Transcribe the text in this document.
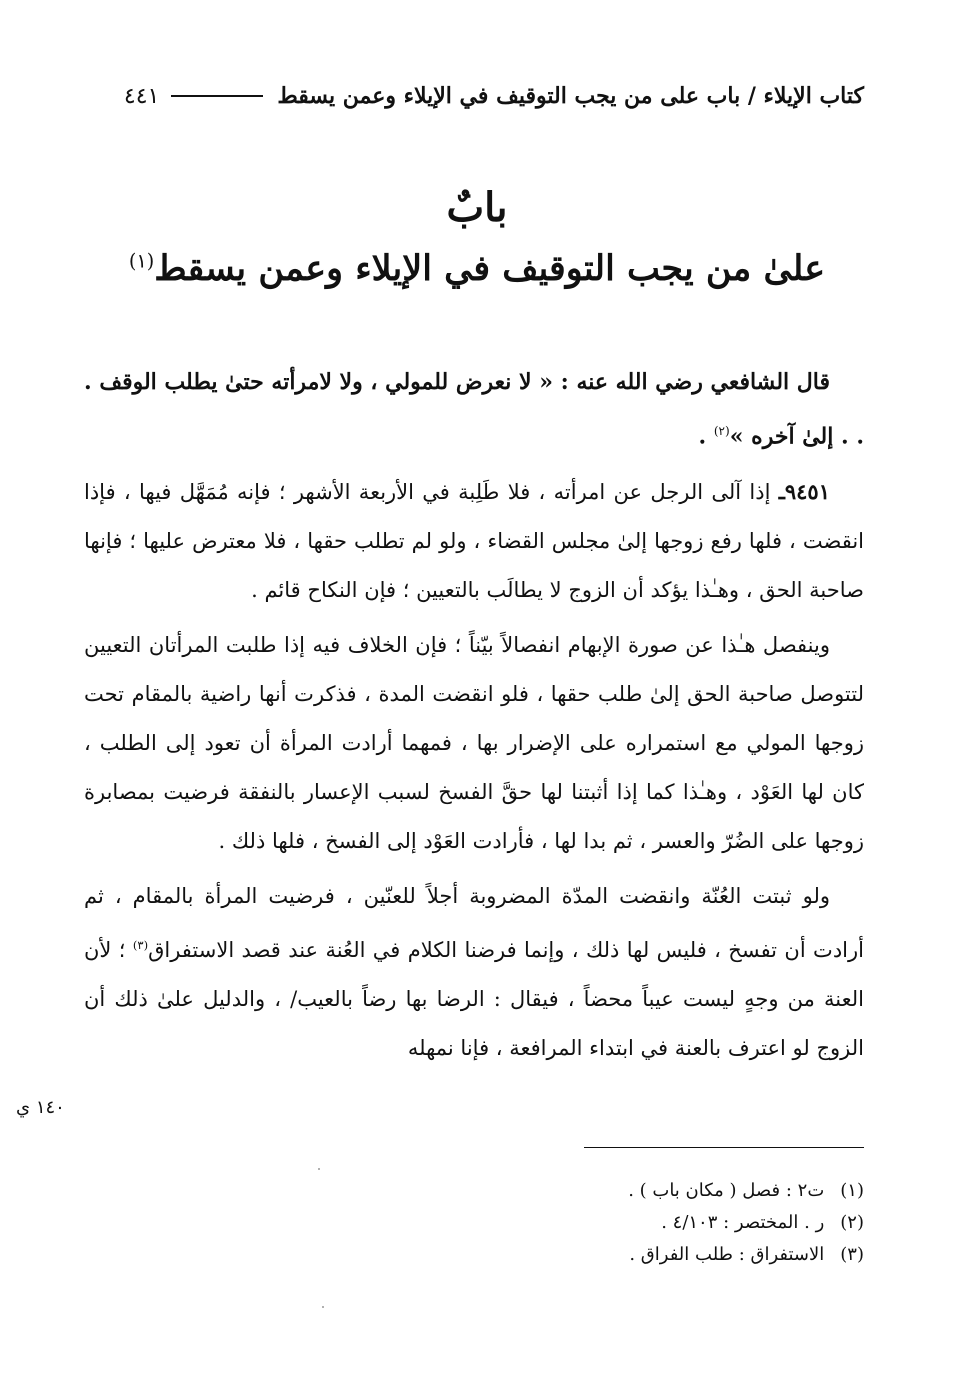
كتاب الإيلاء / باب على من يجب التوقيف في الإيلاء وعمن يسقط
٤٤١
بابٌ
علىٰ من يجب التوقيف في الإيلاء وعمن يسقط$^{(١)}$

قال الشافعي رضي الله عنه : « لا نعرض للمولي ، ولا لامرأته حتىٰ يطلب الوقف . . . إلىٰ آخره »$^{(٢)}$ .

٩٤٥١ـ إذا آلى الرجل عن امرأته ، فلا طَلِبة في الأربعة الأشهر ؛ فإنه مُمَهَّل فيها ، فإذا انقضت ، فلها رفع زوجها إلىٰ مجلس القضاء ، ولو لم تطلب حقها ، فلا معترض عليها ؛ فإنها صاحبة الحق ، وهـٰذا يؤكد أن الزوج لا يطالَب بالتعيين ؛ فإن النكاح قائم .

وينفصل هـٰذا عن صورة الإبهام انفصالاً بيّناً ؛ فإن الخلاف فيه إذا طلبت المرأتان التعيين لتتوصل صاحبة الحق إلىٰ طلب حقها ، فلو انقضت المدة ، فذكرت أنها راضية بالمقام تحت زوجها المولي مع استمراره على الإضرار بها ، فمهما أرادت المرأة أن تعود إلى الطلب ، كان لها العَوْد ، وهـٰذا كما إذا أثبتنا لها حقَّ الفسخ لسبب الإعسار بالنفقة فرضيت بمصابرة زوجها على الضُرّ والعسر ، ثم بدا لها ، فأرادت العَوْد إلى الفسخ ، فلها ذلك .

ولو ثبتت العُنّة وانقضت المدّة المضروبة أجلاً للعنّين ، فرضيت المرأة بالمقام ، ثم أرادت أن تفسخ ، فليس لها ذلك ، وإنما فرضنا الكلام في العُنة عند قصد الاستفراق$^{(٣)}$ ؛ لأن العنة من وجهٍ ليست عيباً محضاً ، فيقال : الرضا بها رضاً بالعيب/ ، والدليل علىٰ ذلك أن الزوج لو اعترف بالعنة في ابتداء المرافعة ، فإنا نمهله

١٤٠ ي
(١)
ت٢ : فصل ( مكان باب ) .
(٢)
ر . المختصر : ٤/١٠٣ .
(٣)
الاستفراق : طلب الفراق .
